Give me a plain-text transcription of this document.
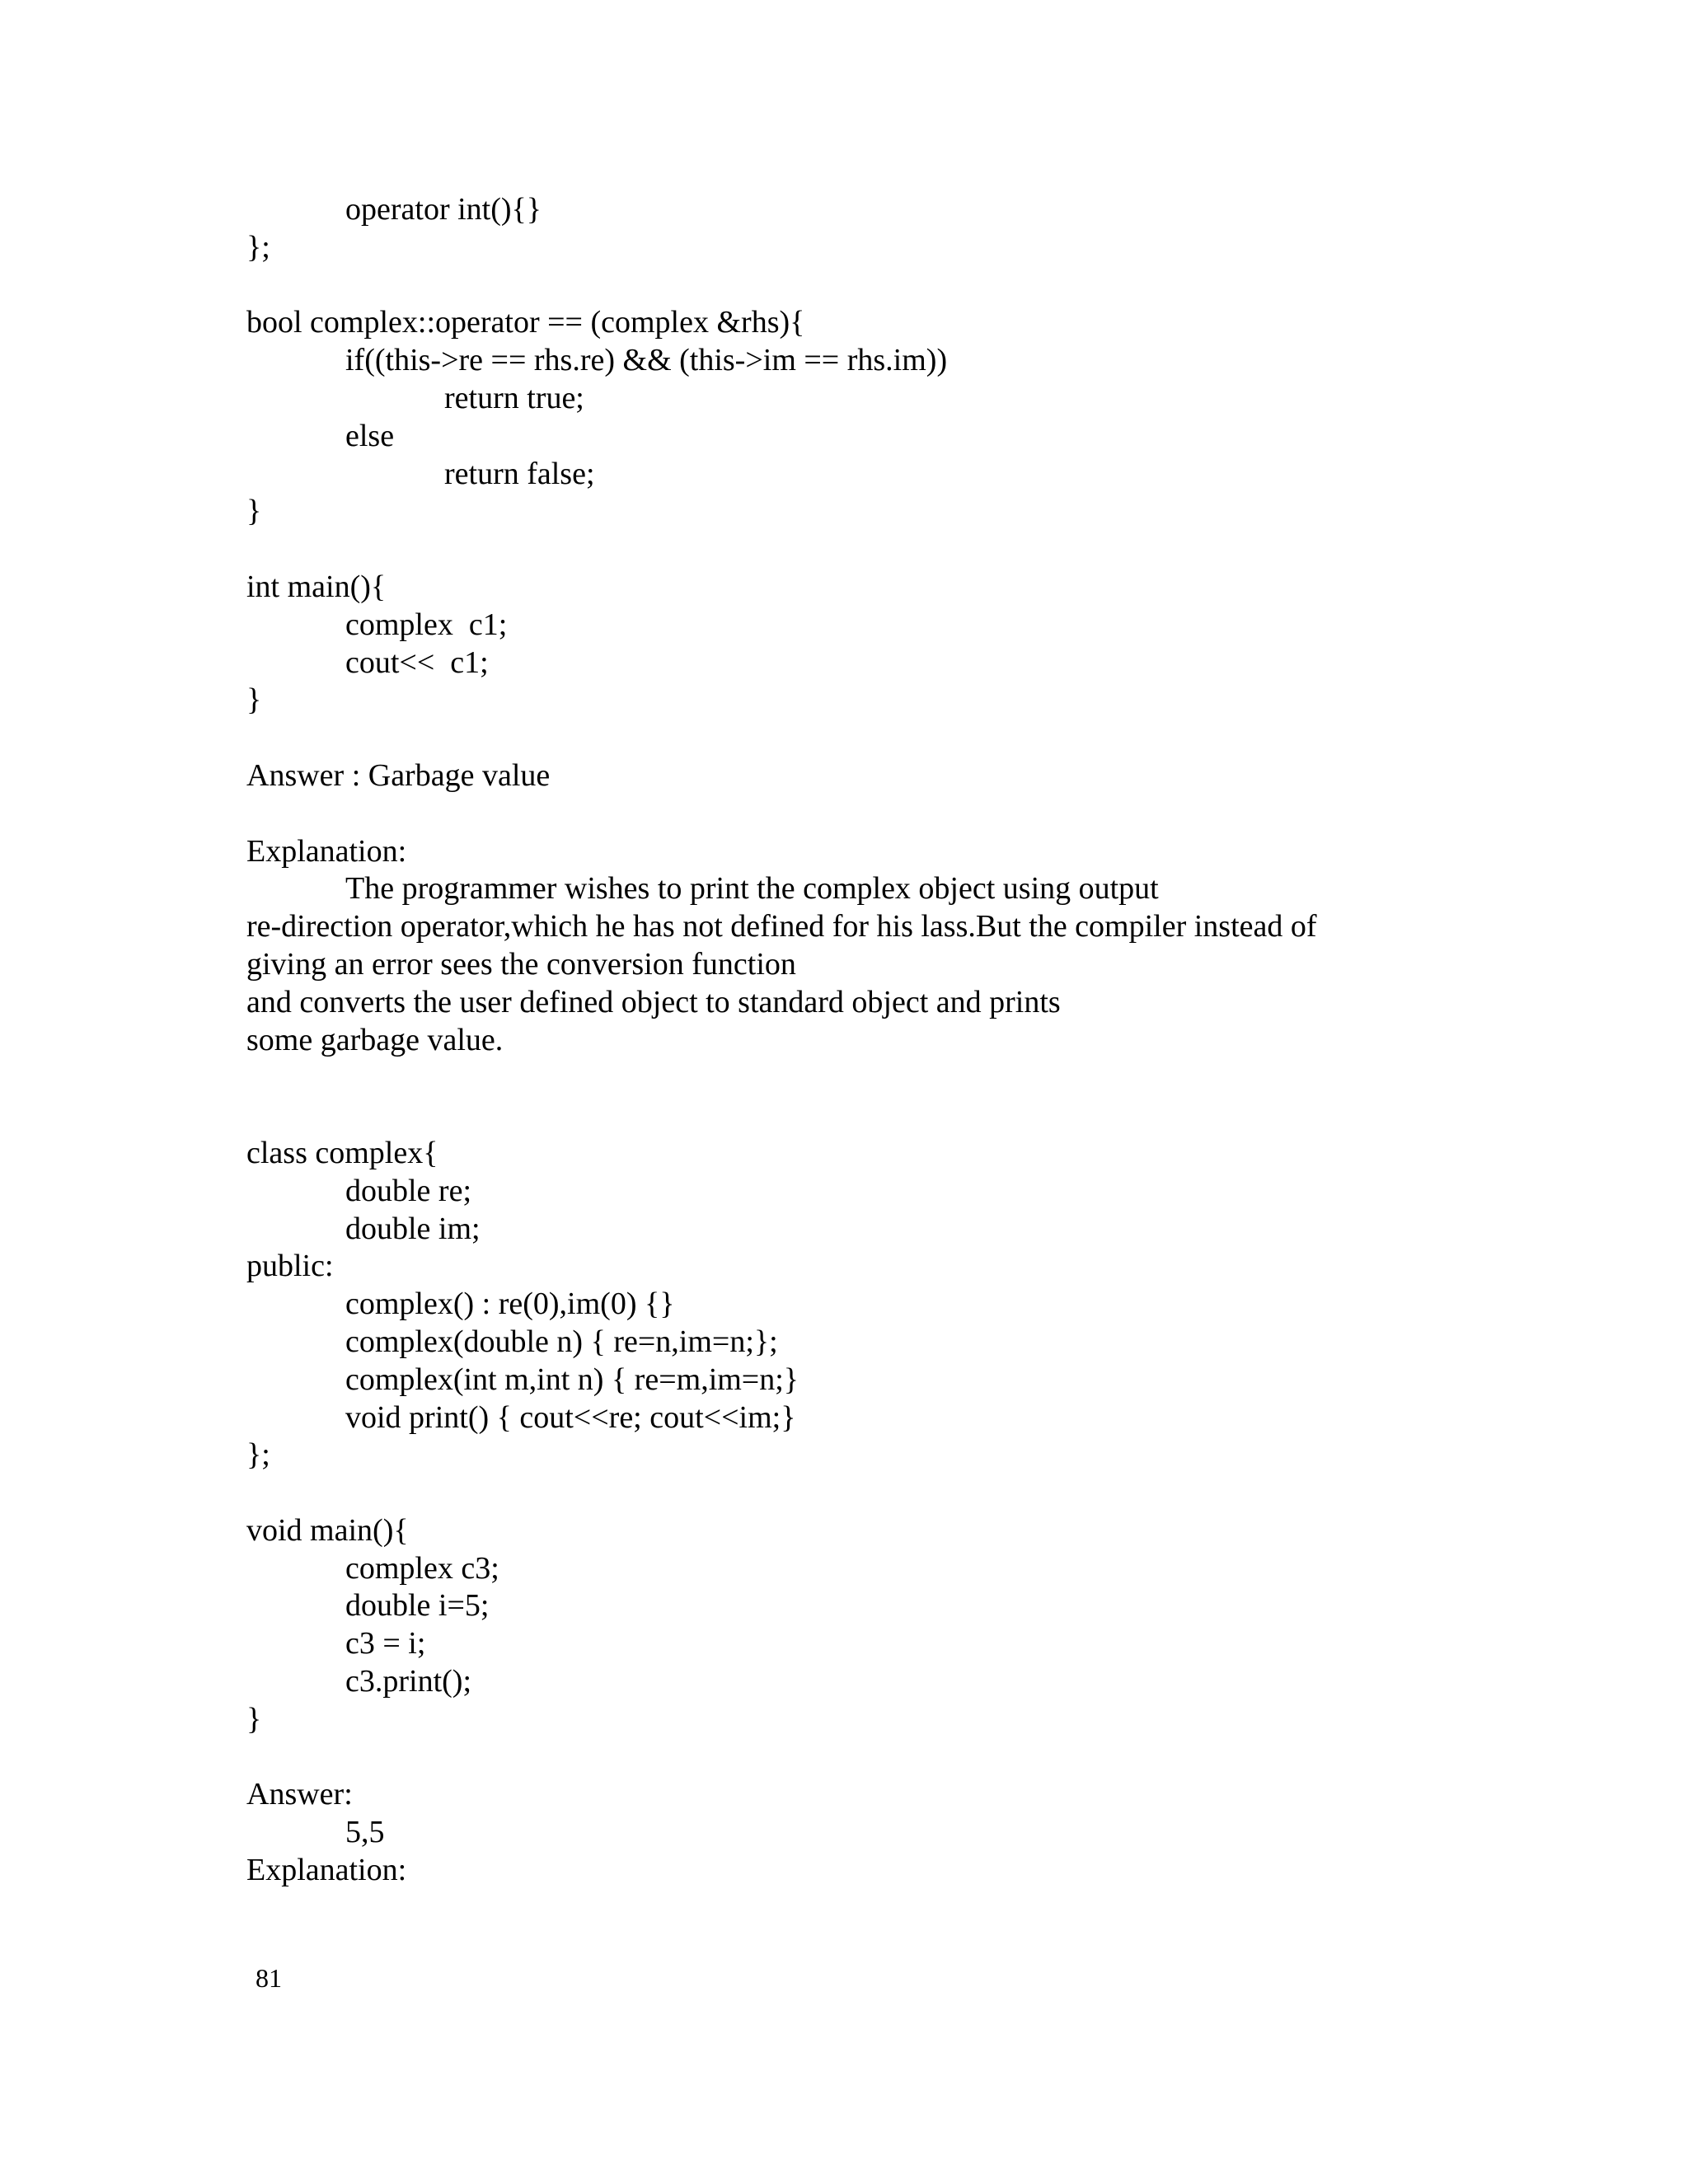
operator int(){}
};
bool complex::operator == (complex &rhs){
if((this->re == rhs.re) && (this->im == rhs.im))
return true;
else
return false;
}
int main(){
complex  c1;
cout<<  c1;
}
Answer : Garbage value
Explanation:
The programmer wishes to print the complex object using output
re-direction operator,which he has not defined for his lass.But the compiler instead of
giving an error sees the conversion function
and converts the user defined object to standard object and prints
some garbage value.
class complex{
double re;
double im;
public:
complex() : re(0),im(0) {}
complex(double n) { re=n,im=n;};
complex(int m,int n) { re=m,im=n;}
void print() { cout<<re; cout<<im;}
};
void main(){
complex c3;
double i=5;
c3 = i;
c3.print();
}
Answer:
5,5
Explanation:
81
